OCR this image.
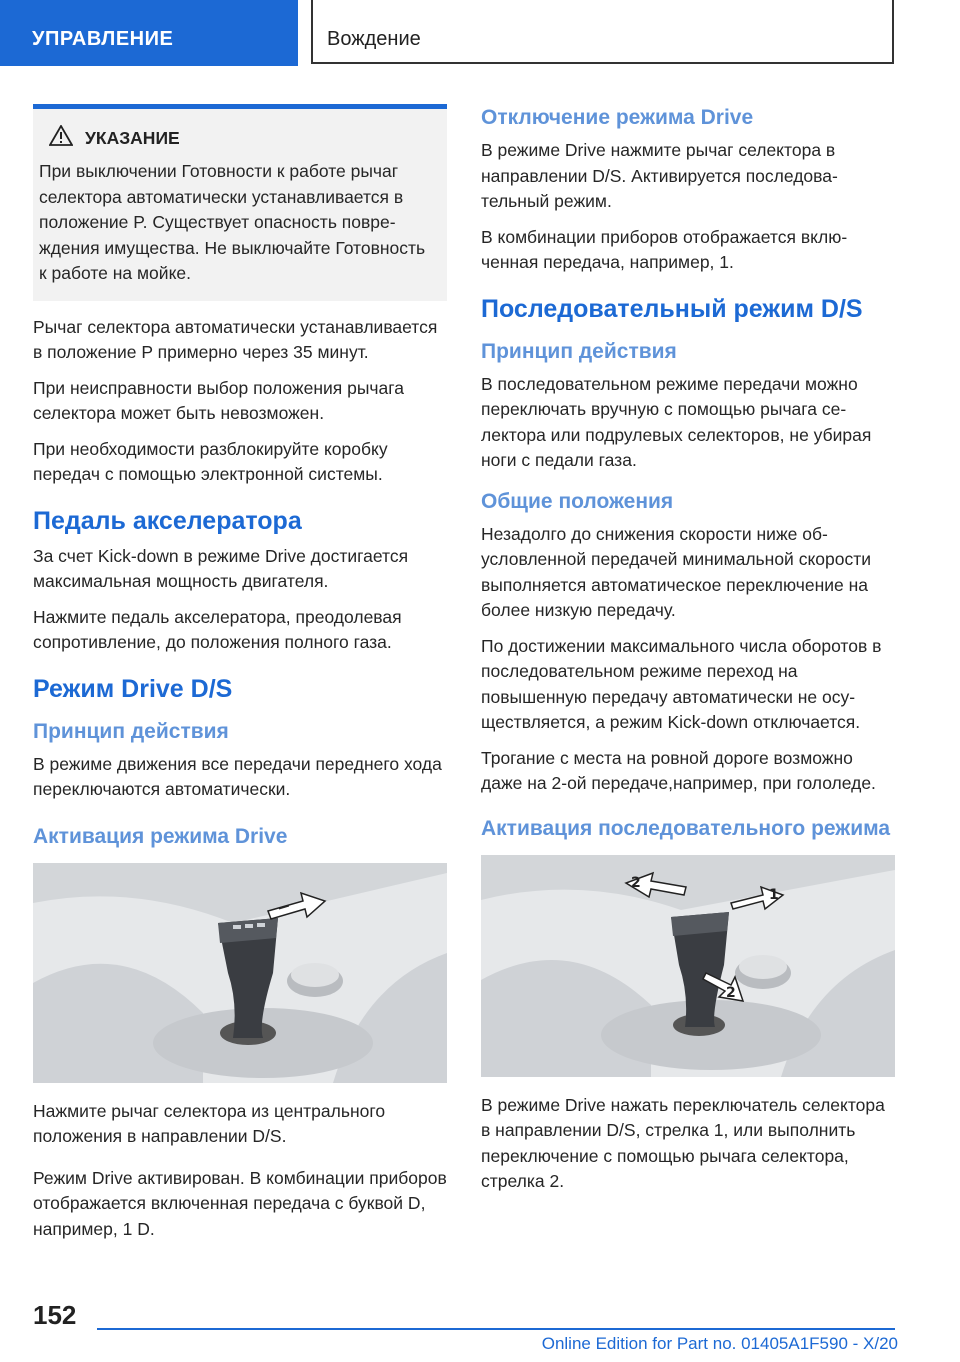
УПРАВЛЕНИЕ	Вождение
УКАЗАНИЕ

При выключении Готовности к работе рычаг селектора автоматически устанавливается в положение P. Существует опасность повреждения имущества. Не выключайте Готовность к работе на мойке.

Рычаг селектора автоматически устанавливается в положение P примерно через 35 минут.

При неисправности выбор положения рычага селектора может быть невозможен.

При необходимости разблокируйте коробку передач с помощью электронной системы.

Педаль акселератора

За счет Kick-down в режиме Drive достигается максимальная мощность двигателя.

Нажмите педаль акселератора, преодолевая сопротивление, до положения полного газа.

Режим Drive D/S
Принцип действия

В режиме движения все передачи переднего хода переключаются автоматически.

Активация режима Drive

Нажмите рычаг селектора из центрального положения в направлении D/S.

Режим Drive активирован. В комбинации приборов отображается включенная передача с буквой D, например, 1 D.

Отключение режима Drive

В режиме Drive нажмите рычаг селектора в направлении D/S. Активируется последовательный режим.

В комбинации приборов отображается включенная передача, например, 1.

Последовательный режим D/S
Принцип действия

В последовательном режиме передачи можно переключать вручную с помощью рычага селектора или подрулевых селекторов, не убирая ноги с педали газа.

Общие положения

Незадолго до снижения скорости ниже обусловленной передачей минимальной скорости выполняется автоматическое переключение на более низкую передачу.

По достижении максимального числа оборотов в последовательном режиме переход на повышенную передачу автоматически не осуществляется, а режим Kick-down отключается.

Трогание с места на ровной дороге возможно даже на 2-ой передаче,например, при гололеде.

Активация последовательного режима
2
1
2

В режиме Drive нажать переключатель селектора в направлении D/S, стрелка 1, или выполнить переключение с помощью рычага селектора, стрелка 2.

152
Online Edition for Part no. 01405A1F590 - X/20
